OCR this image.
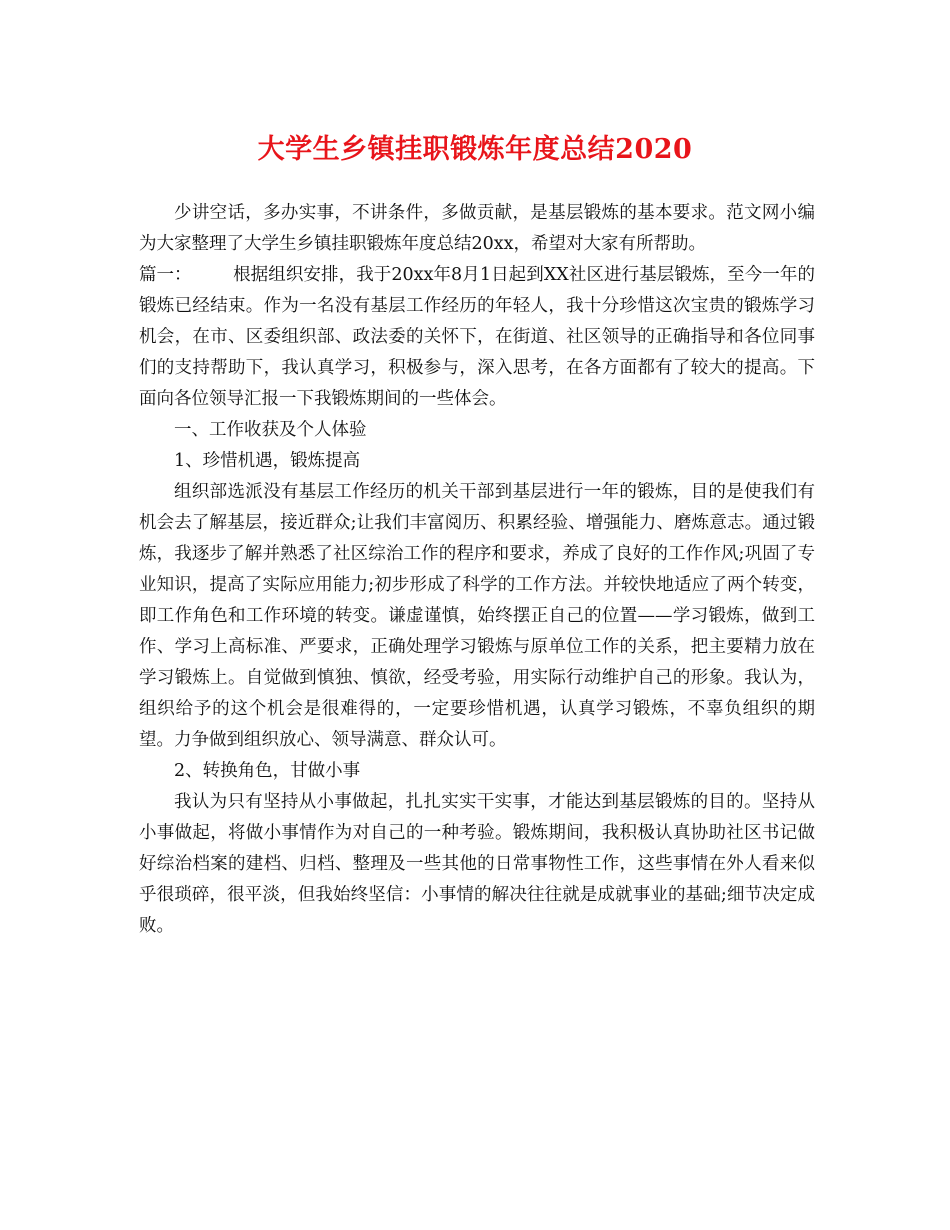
大学生乡镇挂职锻炼年度总结2020

少讲空话，多办实事，不讲条件，多做贡献，是基层锻炼的基本要求。范文网小编为大家整理了大学生乡镇挂职锻炼年度总结20xx，希望对大家有所帮助。

篇一： 根据组织安排，我于20xx年8月1日起到XX社区进行基层锻炼，至今一年的锻炼已经结束。作为一名没有基层工作经历的年轻人，我十分珍惜这次宝贵的锻炼学习机会，在市、区委组织部、政法委的关怀下，在街道、社区领导的正确指导和各位同事们的支持帮助下，我认真学习，积极参与，深入思考，在各方面都有了较大的提高。下面向各位领导汇报一下我锻炼期间的一些体会。

一、工作收获及个人体验

1、珍惜机遇，锻炼提高

组织部选派没有基层工作经历的机关干部到基层进行一年的锻炼，目的是使我们有机会去了解基层，接近群众;让我们丰富阅历、积累经验、增强能力、磨炼意志。通过锻炼，我逐步了解并熟悉了社区综治工作的程序和要求，养成了良好的工作作风;巩固了专业知识，提高了实际应用能力;初步形成了科学的工作方法。并较快地适应了两个转变，即工作角色和工作环境的转变。谦虚谨慎，始终摆正自己的位置——学习锻炼，做到工作、学习上高标准、严要求，正确处理学习锻炼与原单位工作的关系，把主要精力放在学习锻炼上。自觉做到慎独、慎欲，经受考验，用实际行动维护自己的形象。我认为，组织给予的这个机会是很难得的，一定要珍惜机遇，认真学习锻炼，不辜负组织的期望。力争做到组织放心、领导满意、群众认可。

2、转换角色，甘做小事

我认为只有坚持从小事做起，扎扎实实干实事，才能达到基层锻炼的目的。坚持从小事做起，将做小事情作为对自己的一种考验。锻炼期间，我积极认真协助社区书记做好综治档案的建档、归档、整理及一些其他的日常事物性工作，这些事情在外人看来似乎很琐碎，很平淡，但我始终坚信：小事情的解决往往就是成就事业的基础;细节决定成败。
